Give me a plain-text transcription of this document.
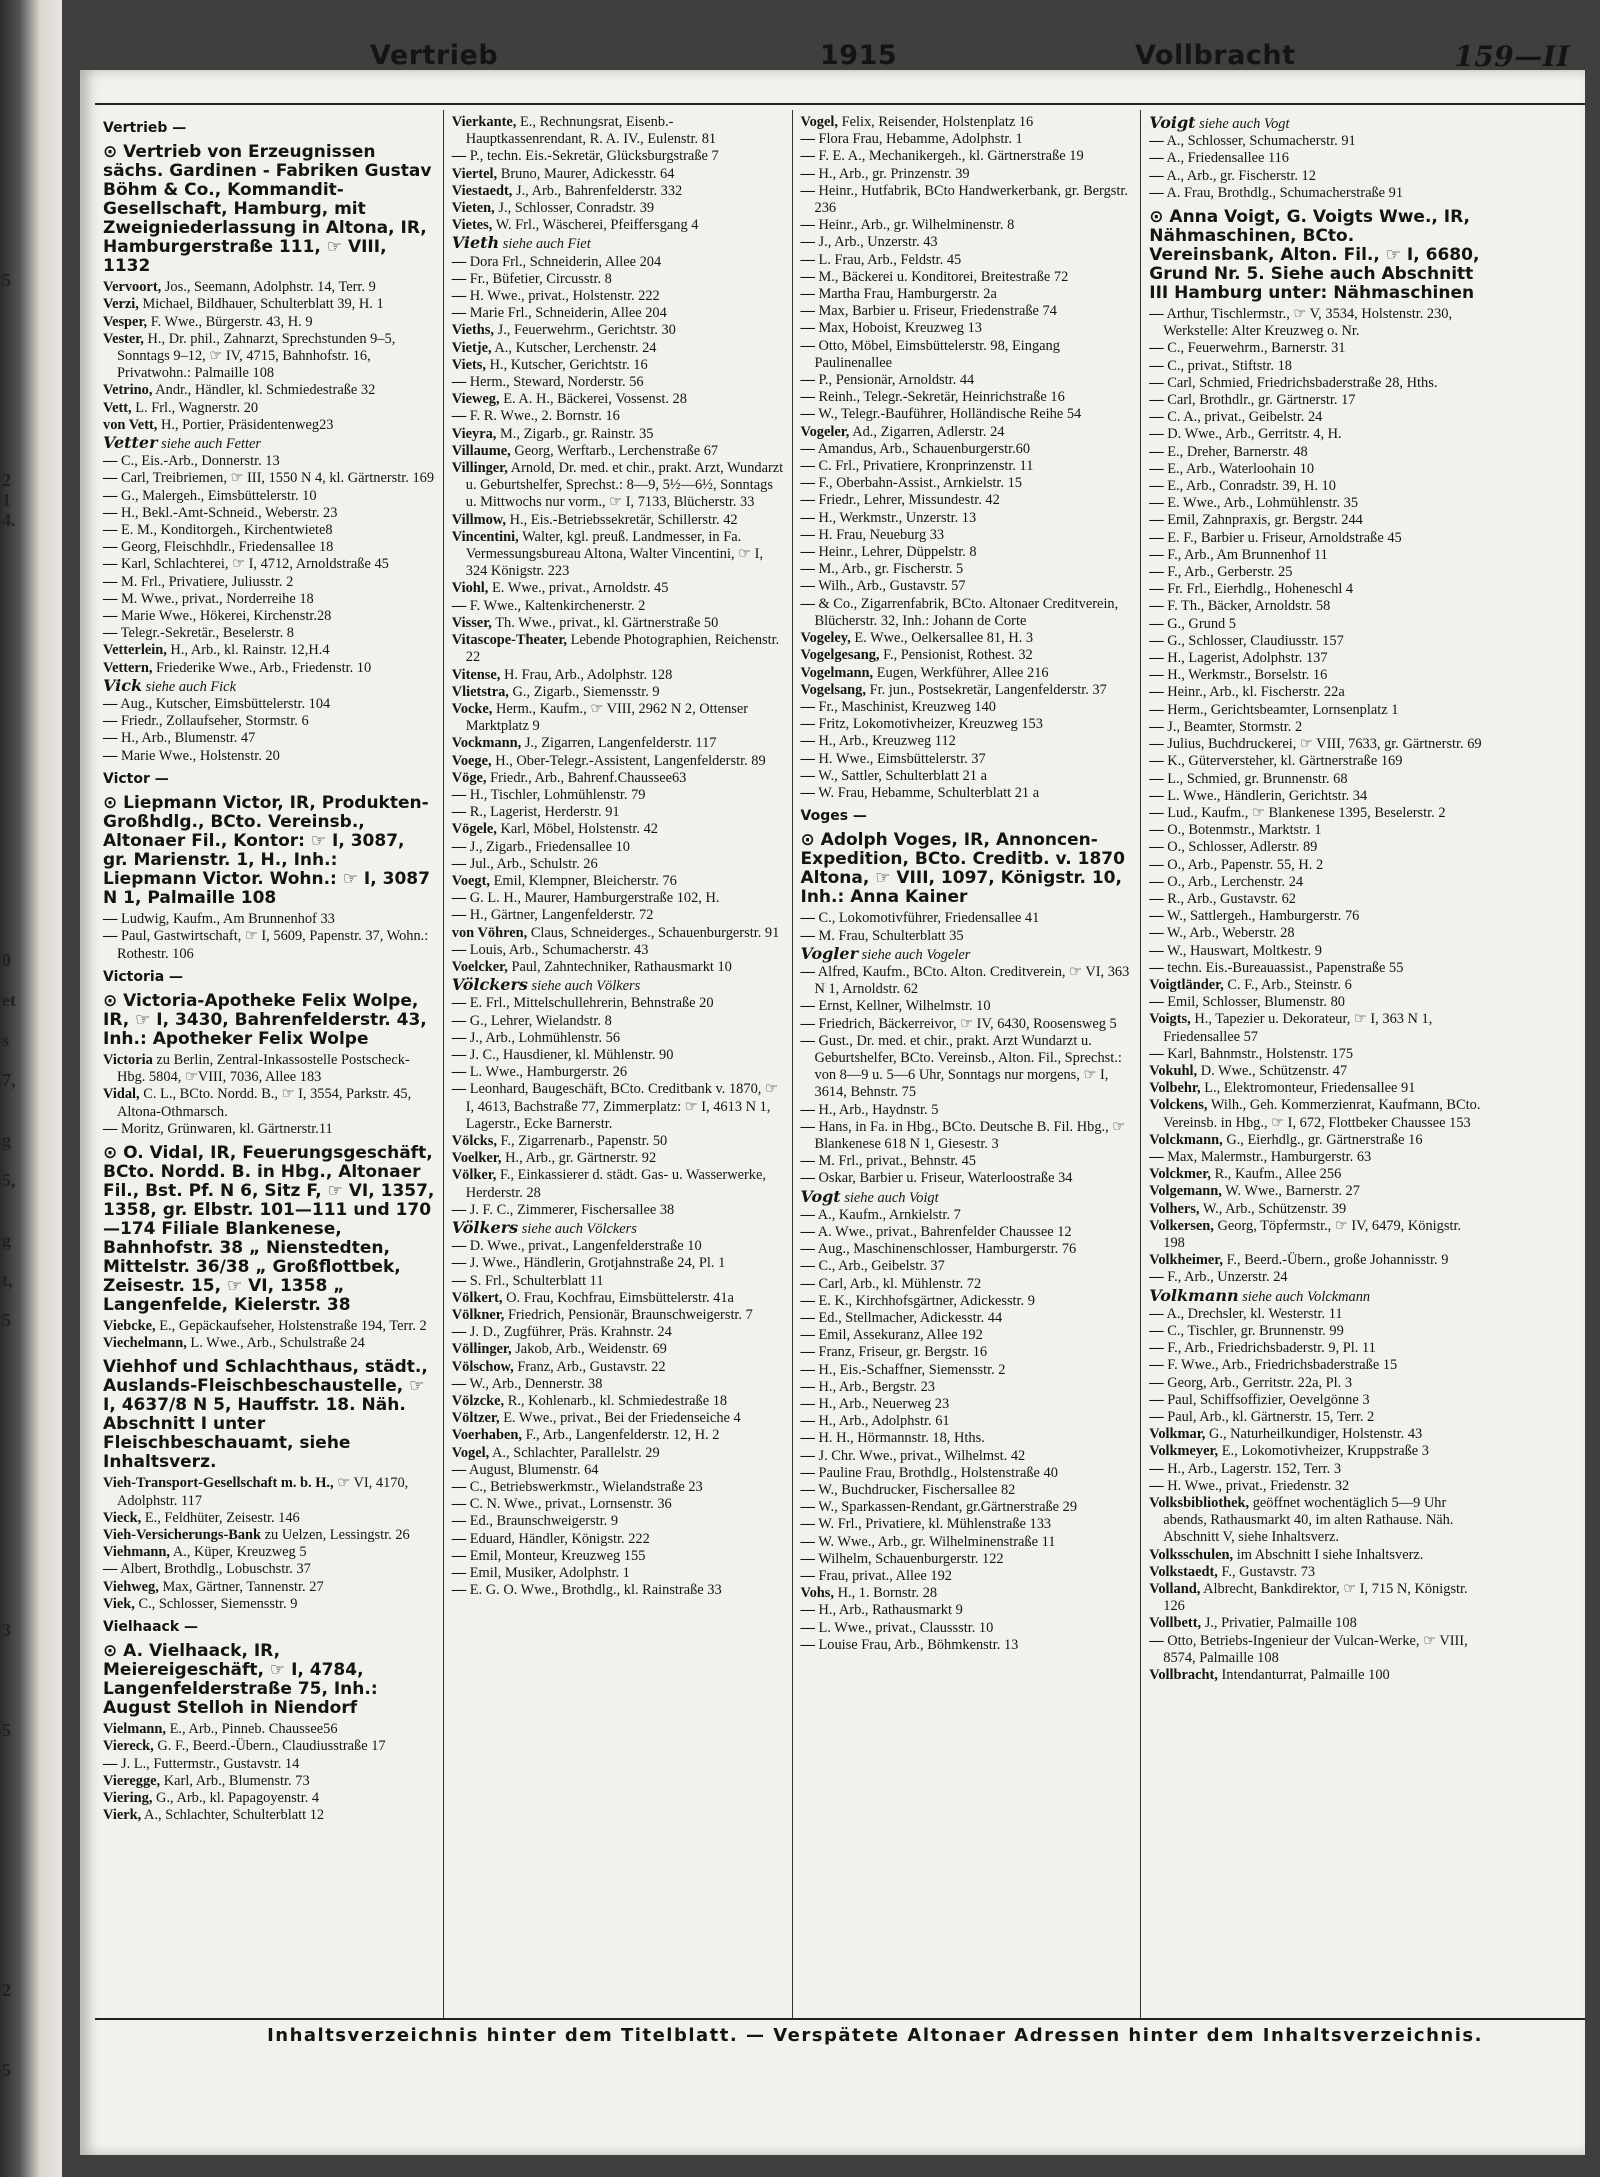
5
2
1
4.
0
et
s
7,
g
5,
g
t,
5
3
5
2
5
Vertrieb	1915	Vollbracht	159—II

Vertrieb —

⊙ Vertrieb von Erzeugnissen sächs. Gardinen - Fabriken Gustav Böhm & Co., Kommandit-Gesellschaft, Hamburg, mit Zweigniederlassung in Altona, IR, Hamburgerstraße 111, ☞ VIII, 1132

Vervoort, Jos., Seemann, Adolphstr. 14, Terr. 9

Verzi, Michael, Bildhauer, Schulterblatt 39, H. 1

Vesper, F. Wwe., Bürgerstr. 43, H. 9

Vester, H., Dr. phil., Zahnarzt, Sprechstunden 9–5, Sonntags 9–12, ☞ IV, 4715, Bahnhofstr. 16, Privatwohn.: Palmaille 108

Vetrino, Andr., Händler, kl. Schmiedestraße 32

Vett, L. Frl., Wagnerstr. 20

von Vett, H., Portier, Präsidentenweg23

Vetter siehe auch Fetter

— C., Eis.-Arb., Donnerstr. 13

— Carl, Treibriemen, ☞ III, 1550 N 4, kl. Gärtnerstr. 169

— G., Malergeh., Eimsbüttelerstr. 10

— H., Bekl.-Amt-Schneid., Weberstr. 23

— E. M., Konditorgeh., Kirchentwiete8

— Georg, Fleischhdlr., Friedensallee 18

— Karl, Schlachterei, ☞ I, 4712, Arnoldstraße 45

— M. Frl., Privatiere, Juliusstr. 2

— M. Wwe., privat., Norderreihe 18

— Marie Wwe., Hökerei, Kirchenstr.28

— Telegr.-Sekretär., Beselerstr. 8

Vetterlein, H., Arb., kl. Rainstr. 12,H.4

Vettern, Friederike Wwe., Arb., Friedenstr. 10

Vick siehe auch Fick

— Aug., Kutscher, Eimsbüttelerstr. 104

— Friedr., Zollaufseher, Stormstr. 6

— H., Arb., Blumenstr. 47

— Marie Wwe., Holstenstr. 20

Victor —

⊙ Liepmann Victor, IR, Produkten-Großhdlg., BCto. Vereinsb., Altonaer Fil., Kontor: ☞ I, 3087, gr. Marienstr. 1, H., Inh.: Liepmann Victor. Wohn.: ☞ I, 3087 N 1, Palmaille 108

— Ludwig, Kaufm., Am Brunnenhof 33

— Paul, Gastwirtschaft, ☞ I, 5609, Papenstr. 37, Wohn.: Rothestr. 106

Victoria —

⊙ Victoria-Apotheke Felix Wolpe, IR, ☞ I, 3430, Bahrenfelderstr. 43, Inh.: Apotheker Felix Wolpe

Victoria zu Berlin, Zentral-Inkassostelle Postscheck-Hbg. 5804, ☞VIII, 7036, Allee 183

Vidal, C. L., BCto. Nordd. B., ☞ I, 3554, Parkstr. 45, Altona-Othmarsch.

— Moritz, Grünwaren, kl. Gärtnerstr.11

⊙ O. Vidal, IR, Feuerungsgeschäft, BCto. Nordd. B. in Hbg., Altonaer Fil., Bst. Pf. N 6, Sitz F, ☞ VI, 1357, 1358, gr. Elbstr. 101—111 und 170—174 Filiale Blankenese, Bahnhofstr. 38 „ Nienstedten, Mittelstr. 36/38 „ Großflottbek, Zeisestr. 15, ☞ VI, 1358 „ Langenfelde, Kielerstr. 38

Viebcke, E., Gepäckaufseher, Holstenstraße 194, Terr. 2

Viechelmann, L. Wwe., Arb., Schulstraße 24

Viehhof und Schlachthaus, städt., Auslands-Fleischbeschaustelle, ☞ I, 4637/8 N 5, Hauffstr. 18. Näh. Abschnitt I unter Fleischbeschauamt, siehe Inhaltsverz.

Vieh-Transport-Gesellschaft m. b. H., ☞ VI, 4170, Adolphstr. 117

Vieck, E., Feldhüter, Zeisestr. 146

Vieh-Versicherungs-Bank zu Uelzen, Lessingstr. 26

Viehmann, A., Küper, Kreuzweg 5

— Albert, Brothdlg., Lobuschstr. 37

Viehweg, Max, Gärtner, Tannenstr. 27

Viek, C., Schlosser, Siemensstr. 9

Vielhaack —

⊙ A. Vielhaack, IR, Meiereigeschäft, ☞ I, 4784, Langenfelderstraße 75, Inh.: August Stelloh in Niendorf

Vielmann, E., Arb., Pinneb. Chaussee56

Viereck, G. F., Beerd.-Übern., Claudiusstraße 17

— J. L., Futtermstr., Gustavstr. 14

Vieregge, Karl, Arb., Blumenstr. 73

Viering, G., Arb., kl. Papagoyenstr. 4

Vierk, A., Schlachter, Schulterblatt 12

Vierkante, E., Rechnungsrat, Eisenb.-Hauptkassenrendant, R. A. IV., Eulenstr. 81

— P., techn. Eis.-Sekretär, Glücksburgstraße 7

Viertel, Bruno, Maurer, Adickesstr. 64

Viestaedt, J., Arb., Bahrenfelderstr. 332

Vieten, J., Schlosser, Conradstr. 39

Vietes, W. Frl., Wäscherei, Pfeiffersgang 4

Vieth siehe auch Fiet

— Dora Frl., Schneiderin, Allee 204

— Fr., Büfetier, Circusstr. 8

— H. Wwe., privat., Holstenstr. 222

— Marie Frl., Schneiderin, Allee 204

Vieths, J., Feuerwehrm., Gerichtstr. 30

Vietje, A., Kutscher, Lerchenstr. 24

Viets, H., Kutscher, Gerichtstr. 16

— Herm., Steward, Norderstr. 56

Vieweg, E. A. H., Bäckerei, Vossenst. 28

— F. R. Wwe., 2. Bornstr. 16

Vieyra, M., Zigarb., gr. Rainstr. 35

Villaume, Georg, Werftarb., Lerchenstraße 67

Villinger, Arnold, Dr. med. et chir., prakt. Arzt, Wundarzt u. Geburtshelfer, Sprechst.: 8—9, 5½—6½, Sonntags u. Mittwochs nur vorm., ☞ I, 7133, Blücherstr. 33

Villmow, H., Eis.-Betriebssekretär, Schillerstr. 42

Vincentini, Walter, kgl. preuß. Landmesser, in Fa. Vermessungsbureau Altona, Walter Vincentini, ☞ I, 324 Königstr. 223

Viohl, E. Wwe., privat., Arnoldstr. 45

— F. Wwe., Kaltenkirchenerstr. 2

Visser, Th. Wwe., privat., kl. Gärtnerstraße 50

Vitascope-Theater, Lebende Photographien, Reichenstr. 22

Vitense, H. Frau, Arb., Adolphstr. 128

Vlietstra, G., Zigarb., Siemensstr. 9

Vocke, Herm., Kaufm., ☞ VIII, 2962 N 2, Ottenser Marktplatz 9

Vockmann, J., Zigarren, Langenfelderstr. 117

Voege, H., Ober-Telegr.-Assistent, Langenfelderstr. 89

Vöge, Friedr., Arb., Bahrenf.Chaussee63

— H., Tischler, Lohmühlenstr. 79

— R., Lagerist, Herderstr. 91

Vögele, Karl, Möbel, Holstenstr. 42

— J., Zigarb., Friedensallee 10

— Jul., Arb., Schulstr. 26

Voegt, Emil, Klempner, Bleicherstr. 76

— G. L. H., Maurer, Hamburgerstraße 102, H.

— H., Gärtner, Langenfelderstr. 72

von Vöhren, Claus, Schneiderges., Schauenburgerstr. 91

— Louis, Arb., Schumacherstr. 43

Voelcker, Paul, Zahntechniker, Rathausmarkt 10

Völckers siehe auch Völkers

— E. Frl., Mittelschullehrerin, Behnstraße 20

— G., Lehrer, Wielandstr. 8

— J., Arb., Lohmühlenstr. 56

— J. C., Hausdiener, kl. Mühlenstr. 90

— L. Wwe., Hamburgerstr. 26

— Leonhard, Baugeschäft, BCto. Creditbank v. 1870, ☞ I, 4613, Bachstraße 77, Zimmerplatz: ☞ I, 4613 N 1, Lagerstr., Ecke Barnerstr.

Völcks, F., Zigarrenarb., Papenstr. 50

Voelker, H., Arb., gr. Gärtnerstr. 92

Völker, F., Einkassierer d. städt. Gas- u. Wasserwerke, Herderstr. 28

— J. F. C., Zimmerer, Fischersallee 38

Völkers siehe auch Völckers

— D. Wwe., privat., Langenfelderstraße 10

— J. Wwe., Händlerin, Grotjahnstraße 24, Pl. 1

— S. Frl., Schulterblatt 11

Völkert, O. Frau, Kochfrau, Eimsbüttelerstr. 41a

Völkner, Friedrich, Pensionär, Braunschweigerstr. 7

— J. D., Zugführer, Präs. Krahnstr. 24

Völlinger, Jakob, Arb., Weidenstr. 69

Völschow, Franz, Arb., Gustavstr. 22

— W., Arb., Dennerstr. 38

Völzcke, R., Kohlenarb., kl. Schmiedestraße 18

Völtzer, E. Wwe., privat., Bei der Friedenseiche 4

Voerhaben, F., Arb., Langenfelderstr. 12, H. 2

Vogel, A., Schlachter, Parallelstr. 29

— August, Blumenstr. 64

— C., Betriebswerkmstr., Wielandstraße 23

— C. N. Wwe., privat., Lornsenstr. 36

— Ed., Braunschweigerstr. 9

— Eduard, Händler, Königstr. 222

— Emil, Monteur, Kreuzweg 155

— Emil, Musiker, Adolphstr. 1

— E. G. O. Wwe., Brothdlg., kl. Rainstraße 33

Vogel, Felix, Reisender, Holstenplatz 16

— Flora Frau, Hebamme, Adolphstr. 1

— F. E. A., Mechanikergeh., kl. Gärtnerstraße 19

— H., Arb., gr. Prinzenstr. 39

— Heinr., Hutfabrik, BCto Handwerkerbank, gr. Bergstr. 236

— Heinr., Arb., gr. Wilhelminenstr. 8

— J., Arb., Unzerstr. 43

— L. Frau, Arb., Feldstr. 45

— M., Bäckerei u. Konditorei, Breitestraße 72

— Martha Frau, Hamburgerstr. 2a

— Max, Barbier u. Friseur, Friedenstraße 74

— Max, Hoboist, Kreuzweg 13

— Otto, Möbel, Eimsbüttelerstr. 98, Eingang Paulinenallee

— P., Pensionär, Arnoldstr. 44

— Reinh., Telegr.-Sekretär, Heinrichstraße 16

— W., Telegr.-Bauführer, Holländische Reihe 54

Vogeler, Ad., Zigarren, Adlerstr. 24

— Amandus, Arb., Schauenburgerstr.60

— C. Frl., Privatiere, Kronprinzenstr. 11

— F., Oberbahn-Assist., Arnkielstr. 15

— Friedr., Lehrer, Missundestr. 42

— H., Werkmstr., Unzerstr. 13

— H. Frau, Neueburg 33

— Heinr., Lehrer, Düppelstr. 8

— M., Arb., gr. Fischerstr. 5

— Wilh., Arb., Gustavstr. 57

— & Co., Zigarrenfabrik, BCto. Altonaer Creditverein, Blücherstr. 32, Inh.: Johann de Corte

Vogeley, E. Wwe., Oelkersallee 81, H. 3

Vogelgesang, F., Pensionist, Rothest. 32

Vogelmann, Eugen, Werkführer, Allee 216

Vogelsang, Fr. jun., Postsekretär, Langenfelderstr. 37

— Fr., Maschinist, Kreuzweg 140

— Fritz, Lokomotivheizer, Kreuzweg 153

— H., Arb., Kreuzweg 112

— H. Wwe., Eimsbüttelerstr. 37

— W., Sattler, Schulterblatt 21 a

— W. Frau, Hebamme, Schulterblatt 21 a

Voges —

⊙ Adolph Voges, IR, Annoncen-Expedition, BCto. Creditb. v. 1870 Altona, ☞ VIII, 1097, Königstr. 10, Inh.: Anna Kainer

— C., Lokomotivführer, Friedensallee 41

— M. Frau, Schulterblatt 35

Vogler siehe auch Vogeler

— Alfred, Kaufm., BCto. Alton. Creditverein, ☞ VI, 363 N 1, Arnoldstr. 62

— Ernst, Kellner, Wilhelmstr. 10

— Friedrich, Bäckerreivor, ☞ IV, 6430, Roosensweg 5

— Gust., Dr. med. et chir., prakt. Arzt Wundarzt u. Geburtshelfer, BCto. Vereinsb., Alton. Fil., Sprechst.: von 8—9 u. 5—6 Uhr, Sonntags nur morgens, ☞ I, 3614, Behnstr. 75

— H., Arb., Haydnstr. 5

— Hans, in Fa. in Hbg., BCto. Deutsche B. Fil. Hbg., ☞ Blankenese 618 N 1, Giesestr. 3

— M. Frl., privat., Behnstr. 45

— Oskar, Barbier u. Friseur, Waterloostraße 34

Vogt siehe auch Voigt

— A., Kaufm., Arnkielstr. 7

— A. Wwe., privat., Bahrenfelder Chaussee 12

— Aug., Maschinenschlosser, Hamburgerstr. 76

— C., Arb., Geibelstr. 37

— Carl, Arb., kl. Mühlenstr. 72

— E. K., Kirchhofsgärtner, Adickesstr. 9

— Ed., Stellmacher, Adickesstr. 44

— Emil, Assekuranz, Allee 192

— Franz, Friseur, gr. Bergstr. 16

— H., Eis.-Schaffner, Siemensstr. 2

— H., Arb., Bergstr. 23

— H., Arb., Neuerweg 23

— H., Arb., Adolphstr. 61

— H. H., Hörmannstr. 18, Hths.

— J. Chr. Wwe., privat., Wilhelmst. 42

— Pauline Frau, Brothdlg., Holstenstraße 40

— W., Buchdrucker, Fischersallee 82

— W., Sparkassen-Rendant, gr.Gärtnerstraße 29

— W. Frl., Privatiere, kl. Mühlenstraße 133

— W. Wwe., Arb., gr. Wilhelminenstraße 11

— Wilhelm, Schauenburgerstr. 122

— Frau, privat., Allee 192

Vohs, H., 1. Bornstr. 28

— H., Arb., Rathausmarkt 9

— L. Wwe., privat., Claussstr. 10

— Louise Frau, Arb., Böhmkenstr. 13

Voigt siehe auch Vogt

— A., Schlosser, Schumacherstr. 91

— A., Friedensallee 116

— A., Arb., gr. Fischerstr. 12

— A. Frau, Brothdlg., Schumacherstraße 91

⊙ Anna Voigt, G. Voigts Wwe., IR, Nähmaschinen, BCto. Vereinsbank, Alton. Fil., ☞ I, 6680, Grund Nr. 5. Siehe auch Abschnitt III Hamburg unter: Nähmaschinen

— Arthur, Tischlermstr., ☞ V, 3534, Holstenstr. 230, Werkstelle: Alter Kreuzweg o. Nr.

— C., Feuerwehrm., Barnerstr. 31

— C., privat., Stiftstr. 18

— Carl, Schmied, Friedrichsbaderstraße 28, Hths.

— Carl, Brothdlr., gr. Gärtnerstr. 17

— C. A., privat., Geibelstr. 24

— D. Wwe., Arb., Gerritstr. 4, H.

— E., Dreher, Barnerstr. 48

— E., Arb., Waterloohain 10

— E., Arb., Conradstr. 39, H. 10

— E. Wwe., Arb., Lohmühlenstr. 35

— Emil, Zahnpraxis, gr. Bergstr. 244

— E. F., Barbier u. Friseur, Arnoldstraße 45

— F., Arb., Am Brunnenhof 11

— F., Arb., Gerberstr. 25

— Fr. Frl., Eierhdlg., Hoheneschl 4

— F. Th., Bäcker, Arnoldstr. 58

— G., Grund 5

— G., Schlosser, Claudiusstr. 157

— H., Lagerist, Adolphstr. 137

— H., Werkmstr., Borselstr. 16

— Heinr., Arb., kl. Fischerstr. 22a

— Herm., Gerichtsbeamter, Lornsenplatz 1

— J., Beamter, Stormstr. 2

— Julius, Buchdruckerei, ☞ VIII, 7633, gr. Gärtnerstr. 69

— K., Güterversteher, kl. Gärtnerstraße 169

— L., Schmied, gr. Brunnenstr. 68

— L. Wwe., Händlerin, Gerichtstr. 34

— Lud., Kaufm., ☞ Blankenese 1395, Beselerstr. 2

— O., Botenmstr., Marktstr. 1

— O., Schlosser, Adlerstr. 89

— O., Arb., Papenstr. 55, H. 2

— O., Arb., Lerchenstr. 24

— R., Arb., Gustavstr. 62

— W., Sattlergeh., Hamburgerstr. 76

— W., Arb., Weberstr. 28

— W., Hauswart, Moltkestr. 9

— techn. Eis.-Bureauassist., Papenstraße 55

Voigtländer, C. F., Arb., Steinstr. 6

— Emil, Schlosser, Blumenstr. 80

Voigts, H., Tapezier u. Dekorateur, ☞ I, 363 N 1, Friedensallee 57

— Karl, Bahnmstr., Holstenstr. 175

Vokuhl, D. Wwe., Schützenstr. 47

Volbehr, L., Elektromonteur, Friedensallee 91

Volckens, Wilh., Geh. Kommerzienrat, Kaufmann, BCto. Vereinsb. in Hbg., ☞ I, 672, Flottbeker Chaussee 153

Volckmann, G., Eierhdlg., gr. Gärtnerstraße 16

— Max, Malermstr., Hamburgerstr. 63

Volckmer, R., Kaufm., Allee 256

Volgemann, W. Wwe., Barnerstr. 27

Volhers, W., Arb., Schützenstr. 39

Volkersen, Georg, Töpfermstr., ☞ IV, 6479, Königstr. 198

Volkheimer, F., Beerd.-Übern., große Johannisstr. 9

— F., Arb., Unzerstr. 24

Volkmann siehe auch Volckmann

— A., Drechsler, kl. Westerstr. 11

— C., Tischler, gr. Brunnenstr. 99

— F., Arb., Friedrichsbaderstr. 9, Pl. 11

— F. Wwe., Arb., Friedrichsbaderstraße 15

— Georg, Arb., Gerritstr. 22a, Pl. 3

— Paul, Schiffsoffizier, Oevelgönne 3

— Paul, Arb., kl. Gärtnerstr. 15, Terr. 2

Volkmar, G., Naturheilkundiger, Holstenstr. 43

Volkmeyer, E., Lokomotivheizer, Kruppstraße 3

— H., Arb., Lagerstr. 152, Terr. 3

— H. Wwe., privat., Friedenstr. 32

Volksbibliothek, geöffnet wochentäglich 5—9 Uhr abends, Rathausmarkt 40, im alten Rathause. Näh. Abschnitt V, siehe Inhaltsverz.

Volksschulen, im Abschnitt I siehe Inhaltsverz.

Volkstaedt, F., Gustavstr. 73

Volland, Albrecht, Bankdirektor, ☞ I, 715 N, Königstr. 126

Vollbett, J., Privatier, Palmaille 108

— Otto, Betriebs-Ingenieur der Vulcan-Werke, ☞ VIII, 8574, Palmaille 108

Vollbracht, Intendanturrat, Palmaille 100

Inhaltsverzeichnis hinter dem Titelblatt. — Verspätete Altonaer Adressen hinter dem Inhaltsverzeichnis.
